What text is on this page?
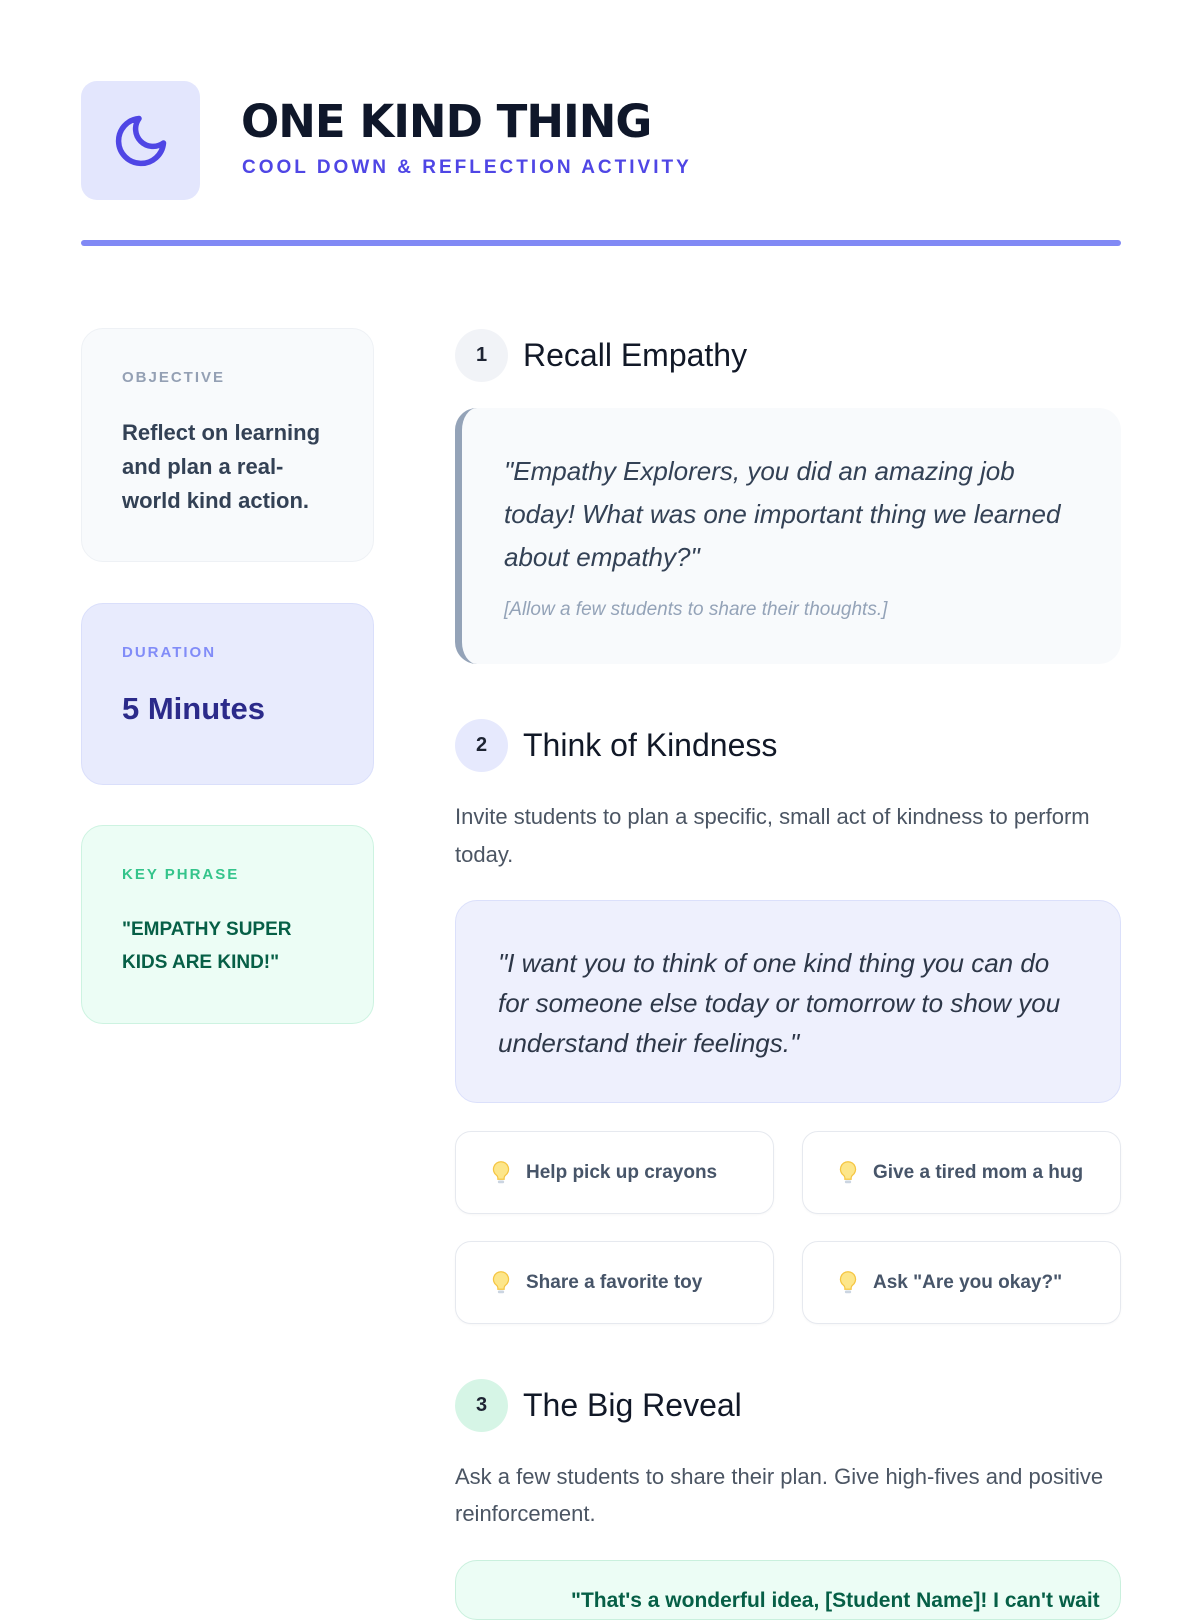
ONE KIND THING
COOL DOWN & REFLECTION ACTIVITY
OBJECTIVE
Reflect on learning and plan a real-world kind action.
DURATION
5 Minutes
KEY PHRASE
"EMPATHY SUPER KIDS ARE KIND!"
1	Recall Empathy
"Empathy Explorers, you did an amazing job today! What was one important thing we learned about empathy?"
[Allow a few students to share their thoughts.]
2	Think of Kindness
Invite students to plan a specific, small act of kindness to perform today.
"I want you to think of one kind thing you can do for someone else today or tomorrow to show you understand their feelings."
Help pick up crayons	Give a tired mom a hug
Share a favorite toy	Ask "Are you okay?"
3	The Big Reveal
Ask a few students to share their plan. Give high-fives and positive reinforcement.
"That's a wonderful idea, [Student Name]! I can't wait
